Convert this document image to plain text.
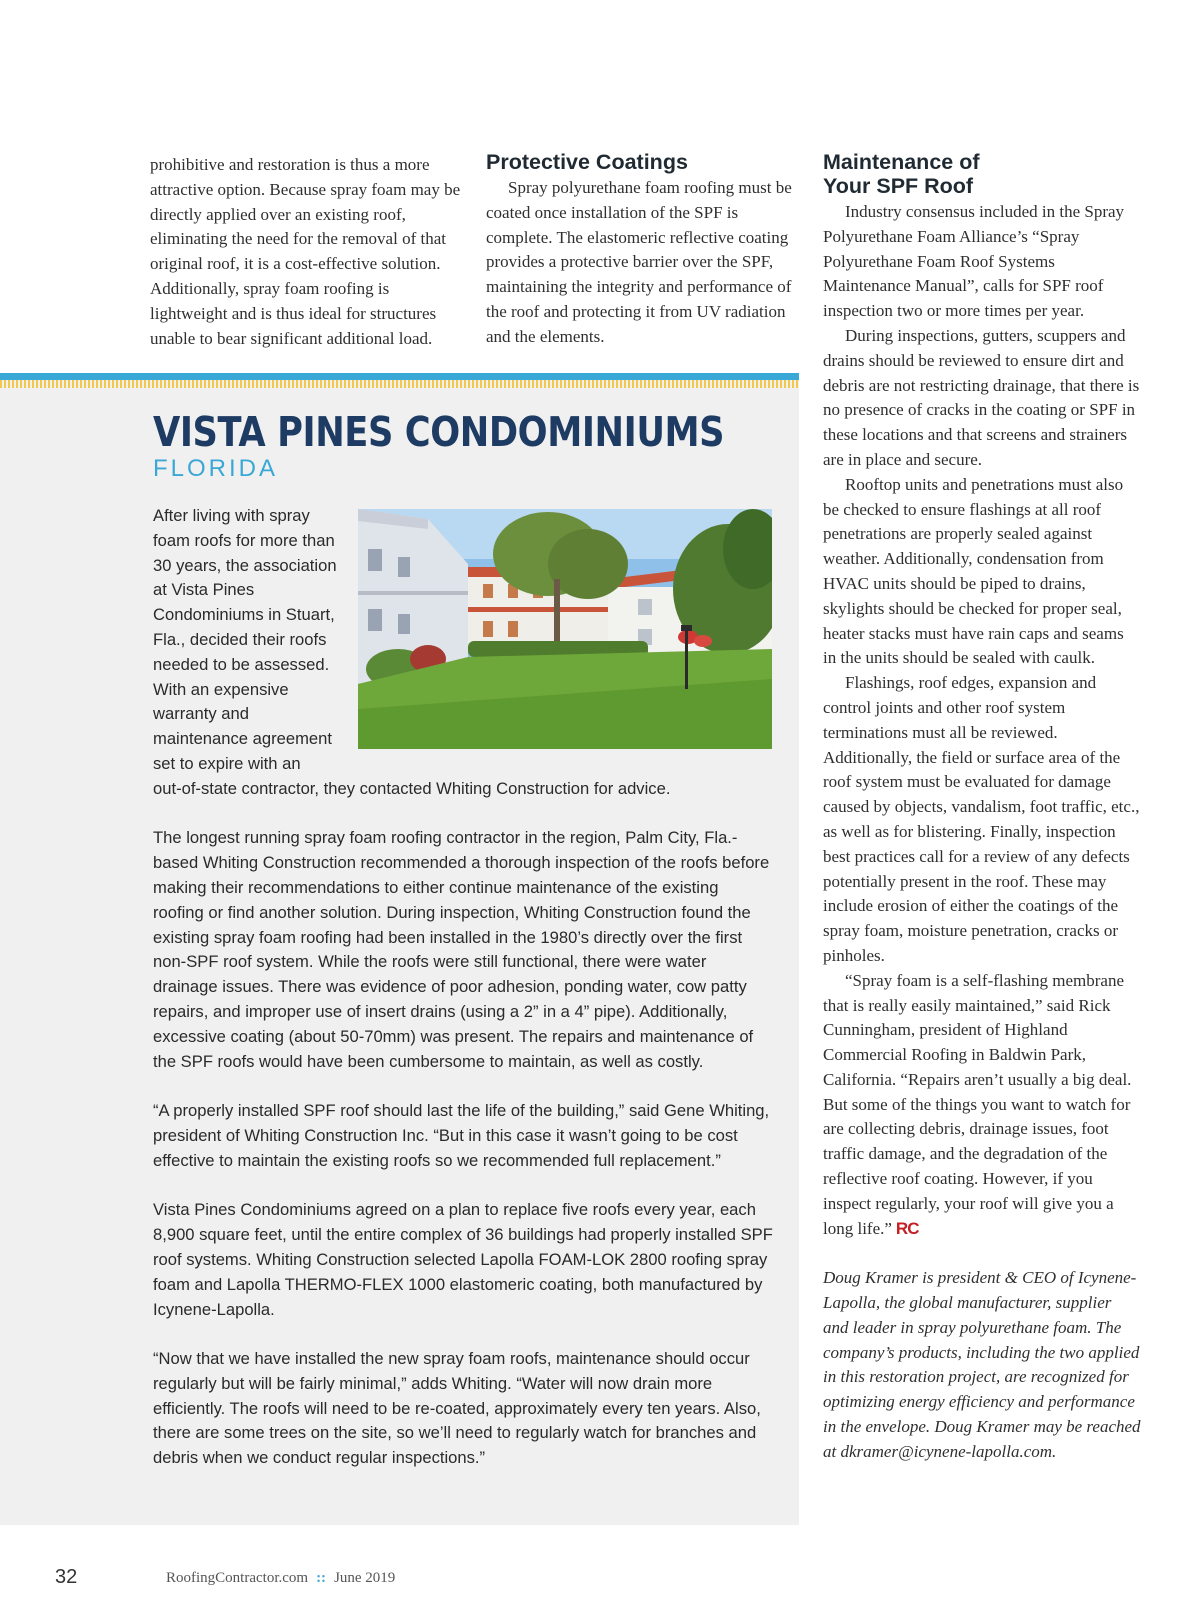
prohibitive and restoration is thus a more attractive option. Because spray foam may be directly applied over an existing roof, eliminating the need for the removal of that original roof, it is a cost-effective solution. Additionally, spray foam roofing is lightweight and is thus ideal for structures unable to bear significant additional load.

Protective Coatings

Spray polyurethane foam roofing must be coated once installation of the SPF is complete. The elastomeric reflective coating provides a protective barrier over the SPF, maintaining the integrity and performance of the roof and protecting it from UV radiation and the elements.

Maintenance of
Your SPF Roof

Industry consensus included in the Spray Polyurethane Foam Alliance’s “Spray Polyurethane Foam Roof Systems Maintenance Manual”, calls for SPF roof inspection two or more times per year.

During inspections, gutters, scuppers and drains should be reviewed to ensure dirt and debris are not restricting drainage, that there is no presence of cracks in the coating or SPF in these locations and that screens and strainers are in place and secure.

Rooftop units and penetrations must also be checked to ensure flashings at all roof penetrations are properly sealed against weather. Additionally, condensation from HVAC units should be piped to drains, skylights should be checked for proper seal, heater stacks must have rain caps and seams in the units should be sealed with caulk.

Flashings, roof edges, expansion and control joints and other roof system terminations must all be reviewed. Additionally, the field or surface area of the roof system must be evaluated for damage caused by objects, vandalism, foot traffic, etc., as well as for blistering. Finally, inspection best practices call for a review of any defects potentially present in the roof. These may include erosion of either the coatings of the spray foam, moisture penetration, cracks or pinholes.

“Spray foam is a self-flashing membrane that is really easily maintained,” said Rick Cunningham, president of Highland Commercial Roofing in Baldwin Park, California. “Repairs aren’t usually a big deal. But some of the things you want to watch for are collecting debris, drainage issues, foot traffic damage, and the degradation of the reflective roof coating. However, if you inspect regularly, your roof will give you a long life.” RC

Doug Kramer is president & CEO of Icynene-Lapolla, the global manufacturer, supplier and leader in spray polyurethane foam. The company’s products, including the two applied in this restoration project, are recognized for optimizing energy efficiency and performance in the envelope. Doug Kramer may be reached at dkramer@icynene-lapolla.com.

VISTA PINES CONDOMINIUMS
FLORIDA

After living with spray foam roofs for more than 30 years, the association at Vista Pines Condominiums in Stuart, Fla., decided their roofs needed to be assessed. With an expensive warranty and maintenance agreement set to expire with an

out-of-state contractor, they contacted Whiting Construction for advice.

The longest running spray foam roofing contractor in the region, Palm City, Fla.-based Whiting Construction recommended a thorough inspection of the roofs before making their recommendations to either continue maintenance of the existing roofing or find another solution. During inspection, Whiting Construction found the existing spray foam roofing had been installed in the 1980’s directly over the first non-SPF roof system. While the roofs were still functional, there were water drainage issues. There was evidence of poor adhesion, ponding water, cow patty repairs, and improper use of insert drains (using a 2” in a 4” pipe). Additionally, excessive coating (about 50-70mm) was present. The repairs and maintenance of the SPF roofs would have been cumbersome to maintain, as well as costly.

“A properly installed SPF roof should last the life of the building,” said Gene Whiting, president of Whiting Construction Inc. “But in this case it wasn’t going to be cost effective to maintain the existing roofs so we recommended full replacement.”

Vista Pines Condominiums agreed on a plan to replace five roofs every year, each 8,900 square feet, until the entire complex of 36 buildings had properly installed SPF roof systems. Whiting Construction selected Lapolla FOAM-LOK 2800 roofing spray foam and Lapolla THERMO-FLEX 1000 elastomeric coating, both manufactured by Icynene-Lapolla.

“Now that we have installed the new spray foam roofs, maintenance should occur regularly but will be fairly minimal,” adds Whiting. “Water will now drain more efficiently. The roofs will need to be re-coated, approximately every ten years. Also, there are some trees on the site, so we’ll need to regularly watch for branches and debris when we conduct regular inspections.”

32	RoofingContractor.com :: June 2019
